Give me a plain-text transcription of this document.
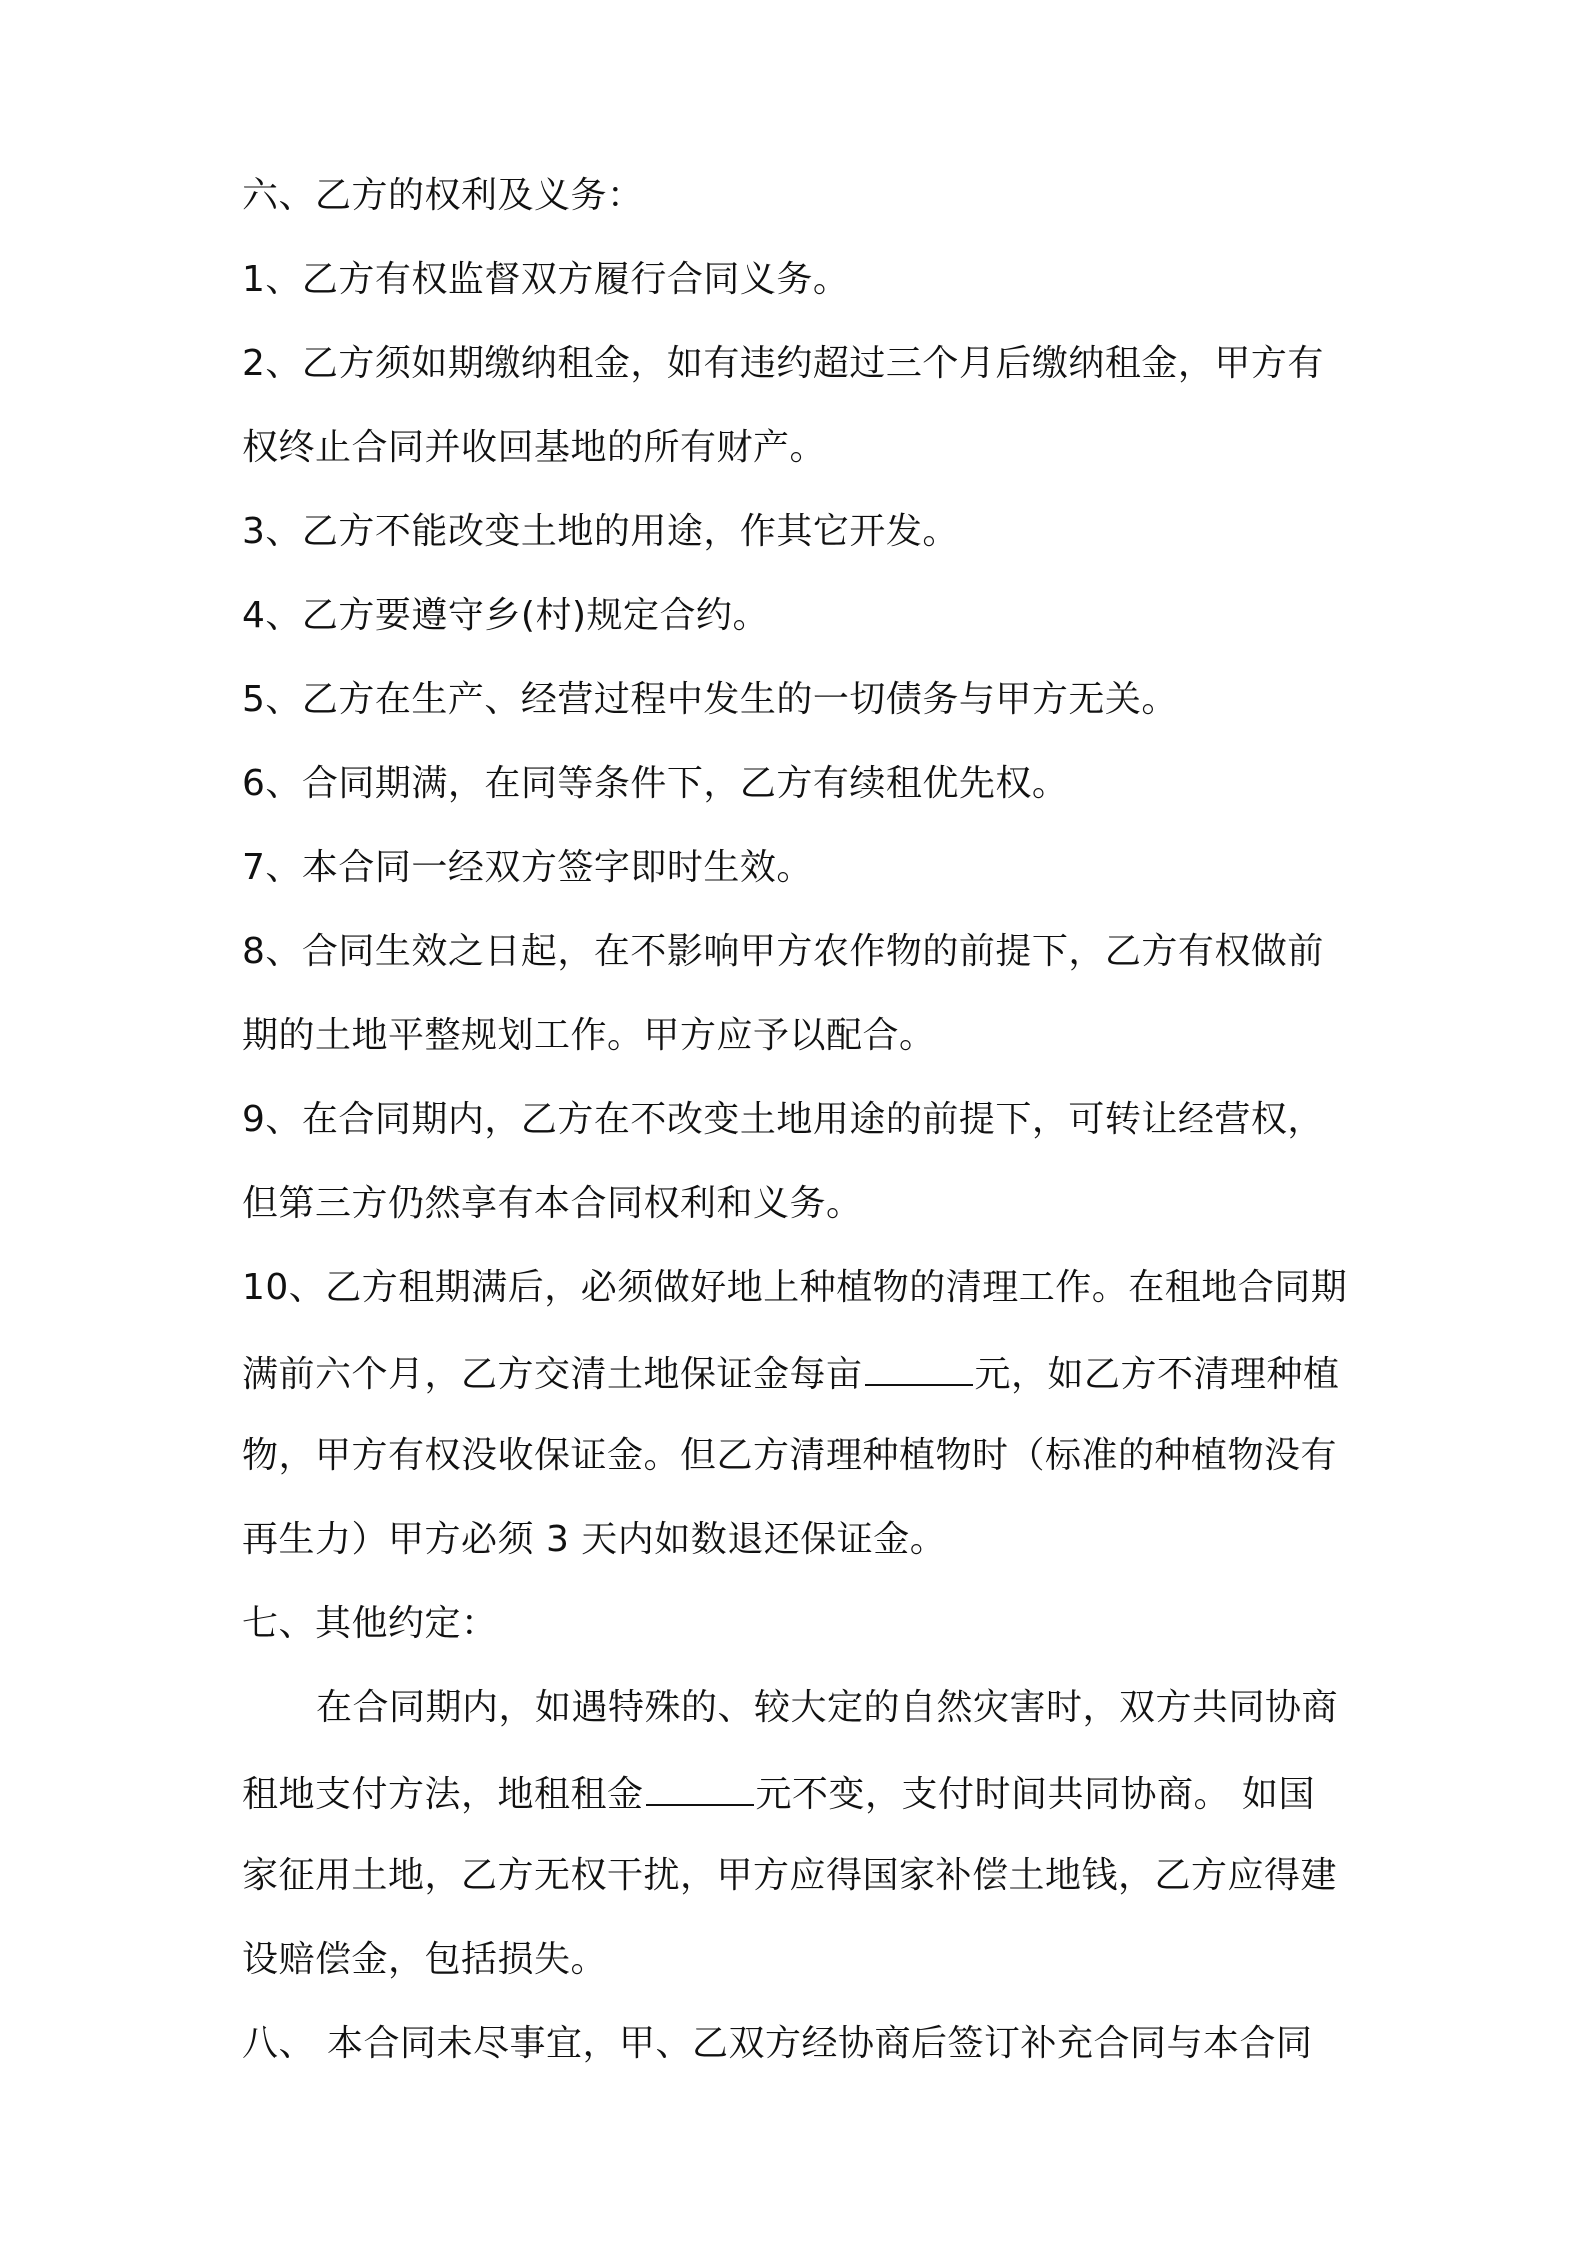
六、乙方的权利及义务：
1、乙方有权监督双方履行合同义务。
2、乙方须如期缴纳租金，如有违约超过三个月后缴纳租金，甲方有
权终止合同并收回基地的所有财产。
3、乙方不能改变土地的用途，作其它开发。
4、乙方要遵守乡(村)规定合约。
5、乙方在生产、经营过程中发生的一切债务与甲方无关。
6、合同期满，在同等条件下，乙方有续租优先权。
7、本合同一经双方签字即时生效。
8、合同生效之日起，在不影响甲方农作物的前提下，乙方有权做前
期的土地平整规划工作。甲方应予以配合。
9、在合同期内，乙方在不改变土地用途的前提下，可转让经营权，
但第三方仍然享有本合同权利和义务。
10、乙方租期满后，必须做好地上种植物的清理工作。在租地合同期
满前六个月，乙方交清土地保证金每亩	元，如乙方不清理种植
物，甲方有权没收保证金。但乙方清理种植物时（标准的种植物没有
再生力）甲方必须 3 天内如数退还保证金。
七、其他约定：
在合同期内，如遇特殊的、较大定的自然灾害时，双方共同协商
租地支付方法，地租租金	元不变，支付时间共同协商。 如国
家征用土地，乙方无权干扰，甲方应得国家补偿土地钱，乙方应得建
设赔偿金，包括损失。
八、 本合同未尽事宜，甲、乙双方经协商后签订补充合同与本合同
